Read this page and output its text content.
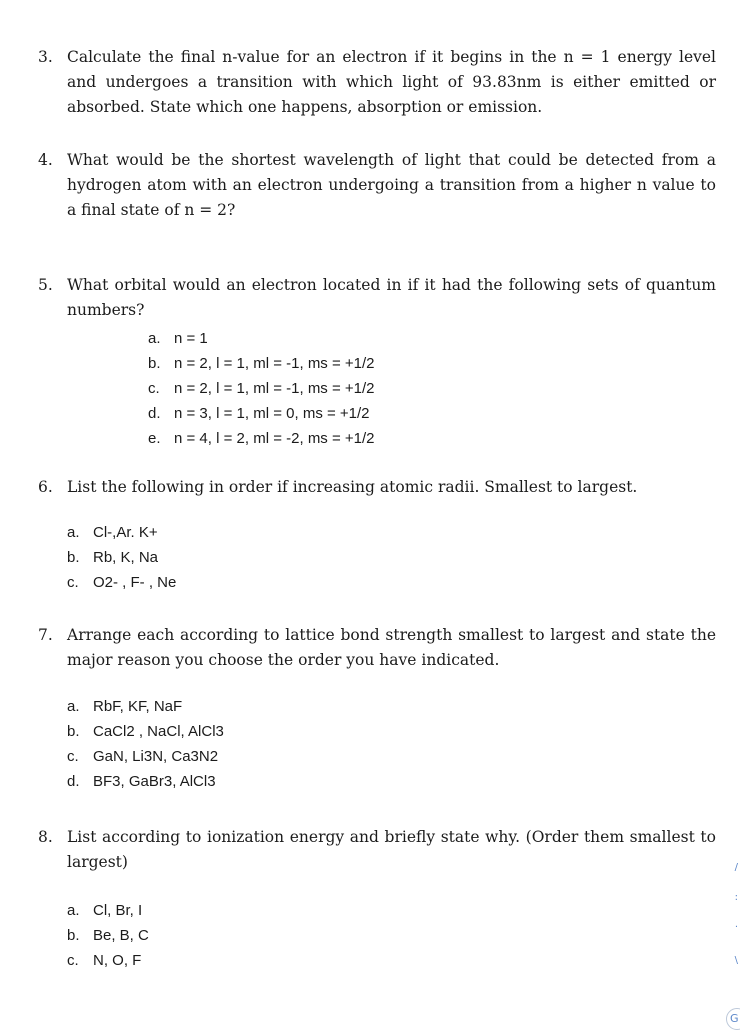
3. Calculate the final n-value for an electron if it begins in the n = 1 energy level and undergoes a transition with which light of 93.83nm is either emitted or absorbed. State which one happens, absorption or emission.
4. What would be the shortest wavelength of light that could be detected from a hydrogen atom with an electron undergoing a transition from a higher n value to a final state of n = 2?
5. What orbital would an electron located in if it had the following sets of quantum numbers?
a. n = 1
b. n = 2, l = 1, ml = -1, ms = +1/2
c. n = 2, l = 1, ml = -1, ms = +1/2
d. n = 3, l = 1, ml = 0, ms = +1/2
e. n = 4, l = 2, ml = -2, ms = +1/2
6. List the following in order if increasing atomic radii. Smallest to largest.
a. Cl-,Ar. K+
b. Rb, K, Na
c. O2- , F- , Ne
7. Arrange each according to lattice bond strength smallest to largest and state the major reason you choose the order you have indicated.
a. RbF, KF, NaF
b. CaCl2 , NaCl, AlCl3
c. GaN, Li3N, Ca3N2
d. BF3, GaBr3, AlCl3
8. List according to ionization energy and briefly state why. (Order them smallest to largest)
a. Cl, Br, I
b. Be, B, C
c. N, O, F
/
:
·
\
G
